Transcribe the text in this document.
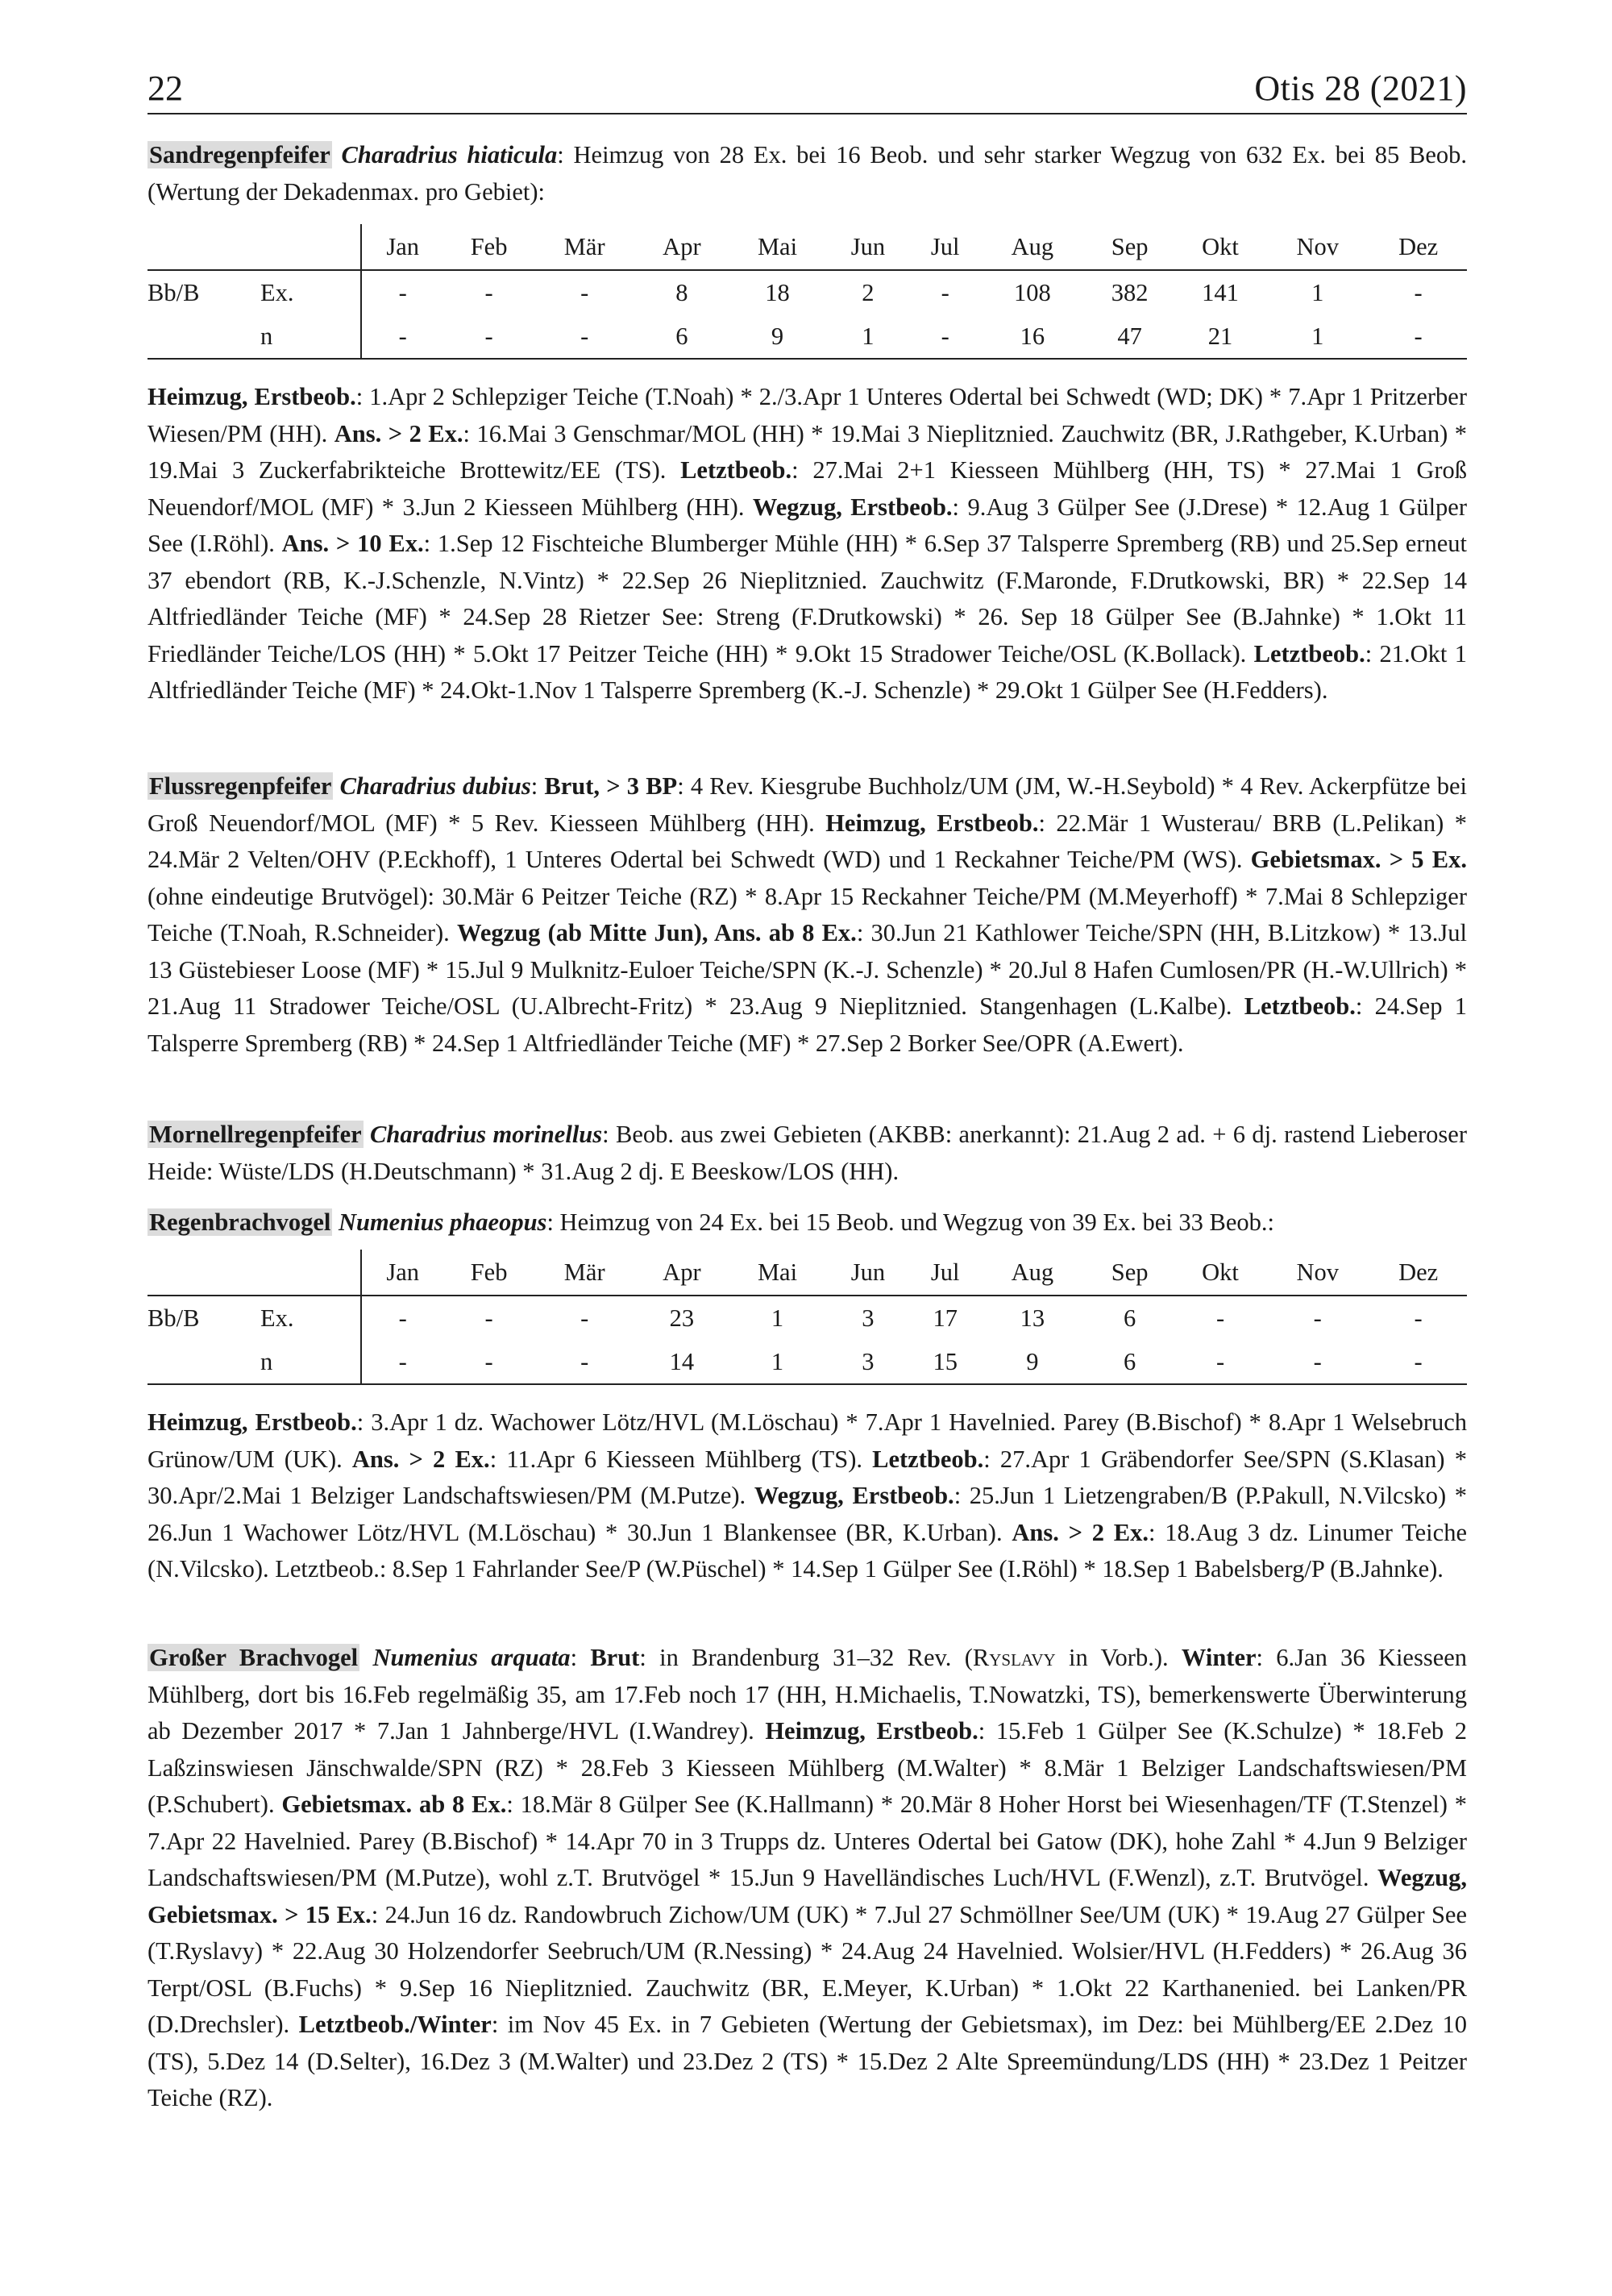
22	Otis 28 (2021)

Sandregenpfeifer Charadrius hiaticula: Heimzug von 28 Ex. bei 16 Beob. und sehr starker Wegzug von 632 Ex. bei 85 Beob. (Wertung der Dekadenmax. pro Gebiet):

		Jan	Feb	Mär	Apr	Mai	Jun	Jul	Aug	Sep	Okt	Nov	Dez
Bb/B	Ex.	-	-	-	8	18	2	-	108	382	141	1	-
	n	-	-	-	6	9	1	-	16	47	21	1	-

Heimzug, Erstbeob.: 1.Apr 2 Schlepziger Teiche (T.Noah) * 2./3.Apr 1 Unteres Odertal bei Schwedt (WD; DK) * 7.Apr 1 Pritzerber Wiesen/PM (HH). Ans. > 2 Ex.: 16.Mai 3 Genschmar/MOL (HH) * 19.Mai 3 Nieplitznied. Zauchwitz (BR, J.Rathgeber, K.Urban) * 19.Mai 3 Zuckerfabrikteiche Brottewitz/EE (TS). Letztbeob.: 27.Mai 2+1 Kiesseen Mühlberg (HH, TS) * 27.Mai 1 Groß Neuendorf/MOL (MF) * 3.Jun 2 Kiesseen Mühlberg (HH). Wegzug, Erstbeob.: 9.Aug 3 Gülper See (J.Drese) * 12.Aug 1 Gülper See (I.Röhl). Ans. > 10 Ex.: 1.Sep 12 Fischteiche Blumberger Mühle (HH) * 6.Sep 37 Talsperre Spremberg (RB) und 25.Sep erneut 37 ebendort (RB, K.-J.Schenzle, N.Vintz) * 22.Sep 26 Nieplitznied. Zauchwitz (F.Maronde, F.Drutkowski, BR) * 22.Sep 14 Altfriedländer Teiche (MF) * 24.Sep 28 Rietzer See: Streng (F.Drutkowski) * 26. Sep 18 Gülper See (B.Jahnke) * 1.Okt 11 Friedländer Teiche/LOS (HH) * 5.Okt 17 Peitzer Teiche (HH) * 9.Okt 15 Stradower Teiche/OSL (K.Bollack). Letztbeob.: 21.Okt 1 Altfriedländer Teiche (MF) * 24.Okt-1.Nov 1 Talsperre Spremberg (K.-J. Schenzle) * 29.Okt 1 Gülper See (H.Fedders).

Flussregenpfeifer Charadrius dubius: Brut, > 3 BP: 4 Rev. Kiesgrube Buchholz/UM (JM, W.-H.Seybold) * 4 Rev. Ackerpfütze bei Groß Neuendorf/MOL (MF) * 5 Rev. Kiesseen Mühlberg (HH). Heimzug, Erstbeob.: 22.Mär 1 Wusterau/ BRB (L.Pelikan) * 24.Mär 2 Velten/OHV (P.Eckhoff), 1 Unteres Odertal bei Schwedt (WD) und 1 Reckahner Teiche/PM (WS). Gebietsmax. > 5 Ex. (ohne eindeutige Brutvögel): 30.Mär 6 Peitzer Teiche (RZ) * 8.Apr 15 Reckahner Teiche/PM (M.Meyerhoff) * 7.Mai 8 Schlepziger Teiche (T.Noah, R.Schneider). Wegzug (ab Mitte Jun), Ans. ab 8 Ex.: 30.Jun 21 Kathlower Teiche/SPN (HH, B.Litzkow) * 13.Jul 13 Güstebieser Loose (MF) * 15.Jul 9 Mulknitz-Euloer Teiche/SPN (K.-J. Schenzle) * 20.Jul 8 Hafen Cumlosen/PR (H.-W.Ullrich) * 21.Aug 11 Stradower Teiche/OSL (U.Albrecht-Fritz) * 23.Aug 9 Nieplitznied. Stangenhagen (L.Kalbe). Letztbeob.: 24.Sep 1 Talsperre Spremberg (RB) * 24.Sep 1 Altfriedländer Teiche (MF) * 27.Sep 2 Borker See/OPR (A.Ewert).

Mornellregenpfeifer Charadrius morinellus: Beob. aus zwei Gebieten (AKBB: anerkannt): 21.Aug 2 ad. + 6 dj. rastend Lieberoser Heide: Wüste/LDS (H.Deutschmann) * 31.Aug 2 dj. E Beeskow/LOS (HH).

Regenbrachvogel Numenius phaeopus: Heimzug von 24 Ex. bei 15 Beob. und Wegzug von 39 Ex. bei 33 Beob.:

		Jan	Feb	Mär	Apr	Mai	Jun	Jul	Aug	Sep	Okt	Nov	Dez
Bb/B	Ex.	-	-	-	23	1	3	17	13	6	-	-	-
	n	-	-	-	14	1	3	15	9	6	-	-	-

Heimzug, Erstbeob.: 3.Apr 1 dz. Wachower Lötz/HVL (M.Löschau) * 7.Apr 1 Havelnied. Parey (B.Bischof) * 8.Apr 1 Welsebruch Grünow/UM (UK). Ans. > 2 Ex.: 11.Apr 6 Kiesseen Mühlberg (TS). Letztbeob.: 27.Apr 1 Gräbendorfer See/SPN (S.Klasan) * 30.Apr/2.Mai 1 Belziger Landschaftswiesen/PM (M.Putze). Wegzug, Erstbeob.: 25.Jun 1 Lietzengraben/B (P.Pakull, N.Vilcsko) * 26.Jun 1 Wachower Lötz/HVL (M.Löschau) * 30.Jun 1 Blankensee (BR, K.Urban). Ans. > 2 Ex.: 18.Aug 3 dz. Linumer Teiche (N.Vilcsko). Letztbeob.: 8.Sep 1 Fahrlander See/P (W.Püschel) * 14.Sep 1 Gülper See (I.Röhl) * 18.Sep 1 Babelsberg/P (B.Jahnke).

Großer Brachvogel Numenius arquata: Brut: in Brandenburg 31–32 Rev. (Ryslavy in Vorb.). Winter: 6.Jan 36 Kiesseen Mühlberg, dort bis 16.Feb regelmäßig 35, am 17.Feb noch 17 (HH, H.Michaelis, T.Nowatzki, TS), bemerkenswerte Überwinterung ab Dezember 2017 * 7.Jan 1 Jahnberge/HVL (I.Wandrey). Heimzug, Erstbeob.: 15.Feb 1 Gülper See (K.Schulze) * 18.Feb 2 Laßzinswiesen Jänschwalde/SPN (RZ) * 28.Feb 3 Kiesseen Mühlberg (M.Walter) * 8.Mär 1 Belziger Landschaftswiesen/PM (P.Schubert). Gebietsmax. ab 8 Ex.: 18.Mär 8 Gülper See (K.Hallmann) * 20.Mär 8 Hoher Horst bei Wiesenhagen/TF (T.Stenzel) * 7.Apr 22 Havelnied. Parey (B.Bischof) * 14.Apr 70 in 3 Trupps dz. Unteres Odertal bei Gatow (DK), hohe Zahl * 4.Jun 9 Belziger Landschaftswiesen/PM (M.Putze), wohl z.T. Brutvögel * 15.Jun 9 Havelländisches Luch/HVL (F.Wenzl), z.T. Brutvögel. Wegzug, Gebietsmax. > 15 Ex.: 24.Jun 16 dz. Randowbruch Zichow/UM (UK) * 7.Jul 27 Schmöllner See/UM (UK) * 19.Aug 27 Gülper See (T.Ryslavy) * 22.Aug 30 Holzendorfer Seebruch/UM (R.Nessing) * 24.Aug 24 Havelnied. Wolsier/HVL (H.Fedders) * 26.Aug 36 Terpt/OSL (B.Fuchs) * 9.Sep 16 Nieplitznied. Zauchwitz (BR, E.Meyer, K.Urban) * 1.Okt 22 Karthanenied. bei Lanken/PR (D.Drechsler). Letztbeob./Winter: im Nov 45 Ex. in 7 Gebieten (Wertung der Gebietsmax), im Dez: bei Mühlberg/EE 2.Dez 10 (TS), 5.Dez 14 (D.Selter), 16.Dez 3 (M.Walter) und 23.Dez 2 (TS) * 15.Dez 2 Alte Spreemündung/LDS (HH) * 23.Dez 1 Peitzer Teiche (RZ).
